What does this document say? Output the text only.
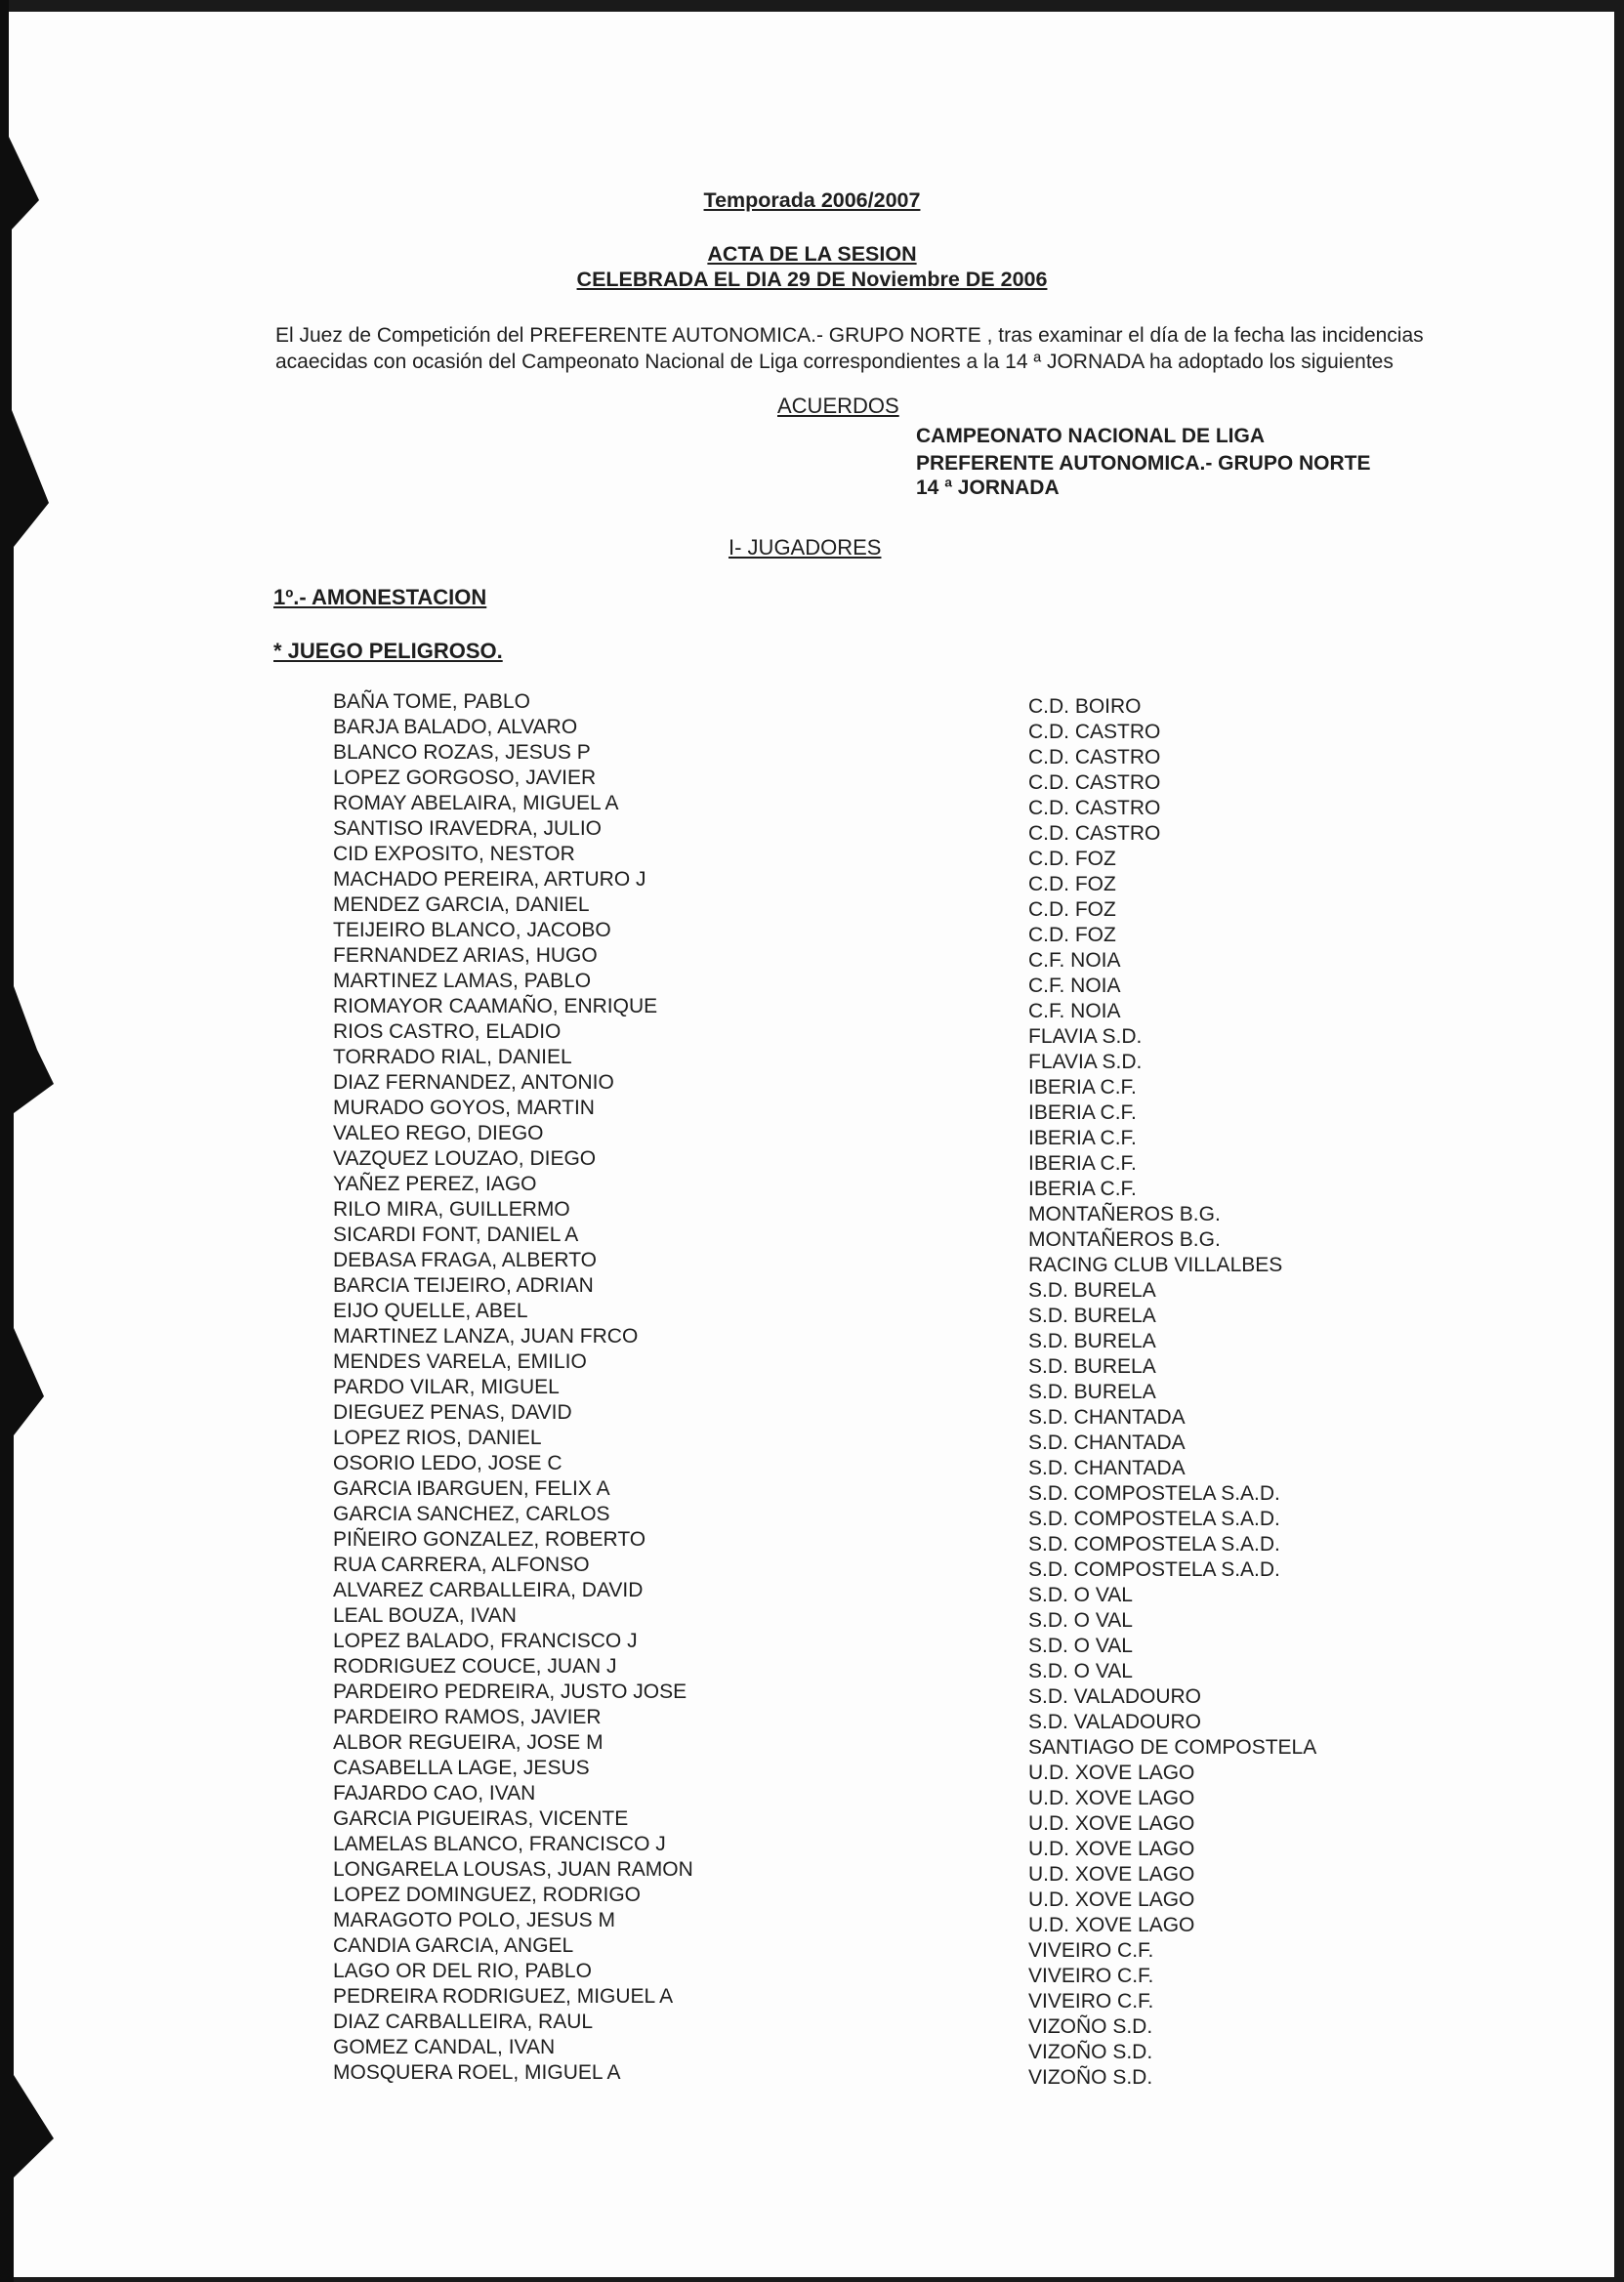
Temporada 2006/2007
ACTA DE LA SESION
CELEBRADA EL DIA 29 DE Noviembre DE 2006
El Juez de Competición del PREFERENTE AUTONOMICA.- GRUPO NORTE , tras examinar el día de la fecha las incidencias
acaecidas con ocasión del Campeonato Nacional de Liga correspondientes a la 14 ª JORNADA ha adoptado los siguientes
ACUERDOS
CAMPEONATO NACIONAL DE LIGA
PREFERENTE AUTONOMICA.- GRUPO NORTE
14 ª JORNADA
I- JUGADORES
1º.- AMONESTACION
* JUEGO PELIGROSO.
BAÑA TOME, PABLO
BARJA BALADO, ALVARO
BLANCO ROZAS, JESUS P
LOPEZ GORGOSO, JAVIER
ROMAY ABELAIRA, MIGUEL A
SANTISO IRAVEDRA, JULIO
CID EXPOSITO, NESTOR
MACHADO PEREIRA, ARTURO J
MENDEZ GARCIA, DANIEL
TEIJEIRO BLANCO, JACOBO
FERNANDEZ ARIAS, HUGO
MARTINEZ LAMAS, PABLO
RIOMAYOR CAAMAÑO, ENRIQUE
RIOS CASTRO, ELADIO
TORRADO RIAL, DANIEL
DIAZ FERNANDEZ, ANTONIO
MURADO GOYOS, MARTIN
VALEO REGO, DIEGO
VAZQUEZ LOUZAO, DIEGO
YAÑEZ PEREZ, IAGO
RILO MIRA, GUILLERMO
SICARDI FONT, DANIEL A
DEBASA FRAGA, ALBERTO
BARCIA TEIJEIRO, ADRIAN
EIJO QUELLE, ABEL
MARTINEZ LANZA, JUAN FRCO
MENDES VARELA, EMILIO
PARDO VILAR, MIGUEL
DIEGUEZ PENAS, DAVID
LOPEZ RIOS, DANIEL
OSORIO LEDO, JOSE C
GARCIA IBARGUEN, FELIX A
GARCIA SANCHEZ, CARLOS
PIÑEIRO GONZALEZ, ROBERTO
RUA CARRERA, ALFONSO
ALVAREZ CARBALLEIRA, DAVID
LEAL BOUZA, IVAN
LOPEZ BALADO, FRANCISCO J
RODRIGUEZ COUCE, JUAN J
PARDEIRO PEDREIRA, JUSTO JOSE
PARDEIRO RAMOS, JAVIER
ALBOR REGUEIRA, JOSE M
CASABELLA LAGE, JESUS
FAJARDO CAO, IVAN
GARCIA PIGUEIRAS, VICENTE
LAMELAS BLANCO, FRANCISCO J
LONGARELA LOUSAS, JUAN RAMON
LOPEZ DOMINGUEZ, RODRIGO
MARAGOTO POLO, JESUS M
CANDIA GARCIA, ANGEL
LAGO OR DEL RIO, PABLO
PEDREIRA RODRIGUEZ, MIGUEL A
DIAZ CARBALLEIRA, RAUL
GOMEZ CANDAL, IVAN
MOSQUERA ROEL, MIGUEL A
C.D. BOIRO
C.D. CASTRO
C.D. CASTRO
C.D. CASTRO
C.D. CASTRO
C.D. CASTRO
C.D. FOZ
C.D. FOZ
C.D. FOZ
C.D. FOZ
C.F. NOIA
C.F. NOIA
C.F. NOIA
FLAVIA S.D.
FLAVIA S.D.
IBERIA C.F.
IBERIA C.F.
IBERIA C.F.
IBERIA C.F.
IBERIA C.F.
MONTAÑEROS B.G.
MONTAÑEROS B.G.
RACING CLUB VILLALBES
S.D. BURELA
S.D. BURELA
S.D. BURELA
S.D. BURELA
S.D. BURELA
S.D. CHANTADA
S.D. CHANTADA
S.D. CHANTADA
S.D. COMPOSTELA S.A.D.
S.D. COMPOSTELA S.A.D.
S.D. COMPOSTELA S.A.D.
S.D. COMPOSTELA S.A.D.
S.D. O VAL
S.D. O VAL
S.D. O VAL
S.D. O VAL
S.D. VALADOURO
S.D. VALADOURO
SANTIAGO DE COMPOSTELA
U.D. XOVE LAGO
U.D. XOVE LAGO
U.D. XOVE LAGO
U.D. XOVE LAGO
U.D. XOVE LAGO
U.D. XOVE LAGO
U.D. XOVE LAGO
VIVEIRO C.F.
VIVEIRO C.F.
VIVEIRO C.F.
VIZOÑO S.D.
VIZOÑO S.D.
VIZOÑO S.D.
